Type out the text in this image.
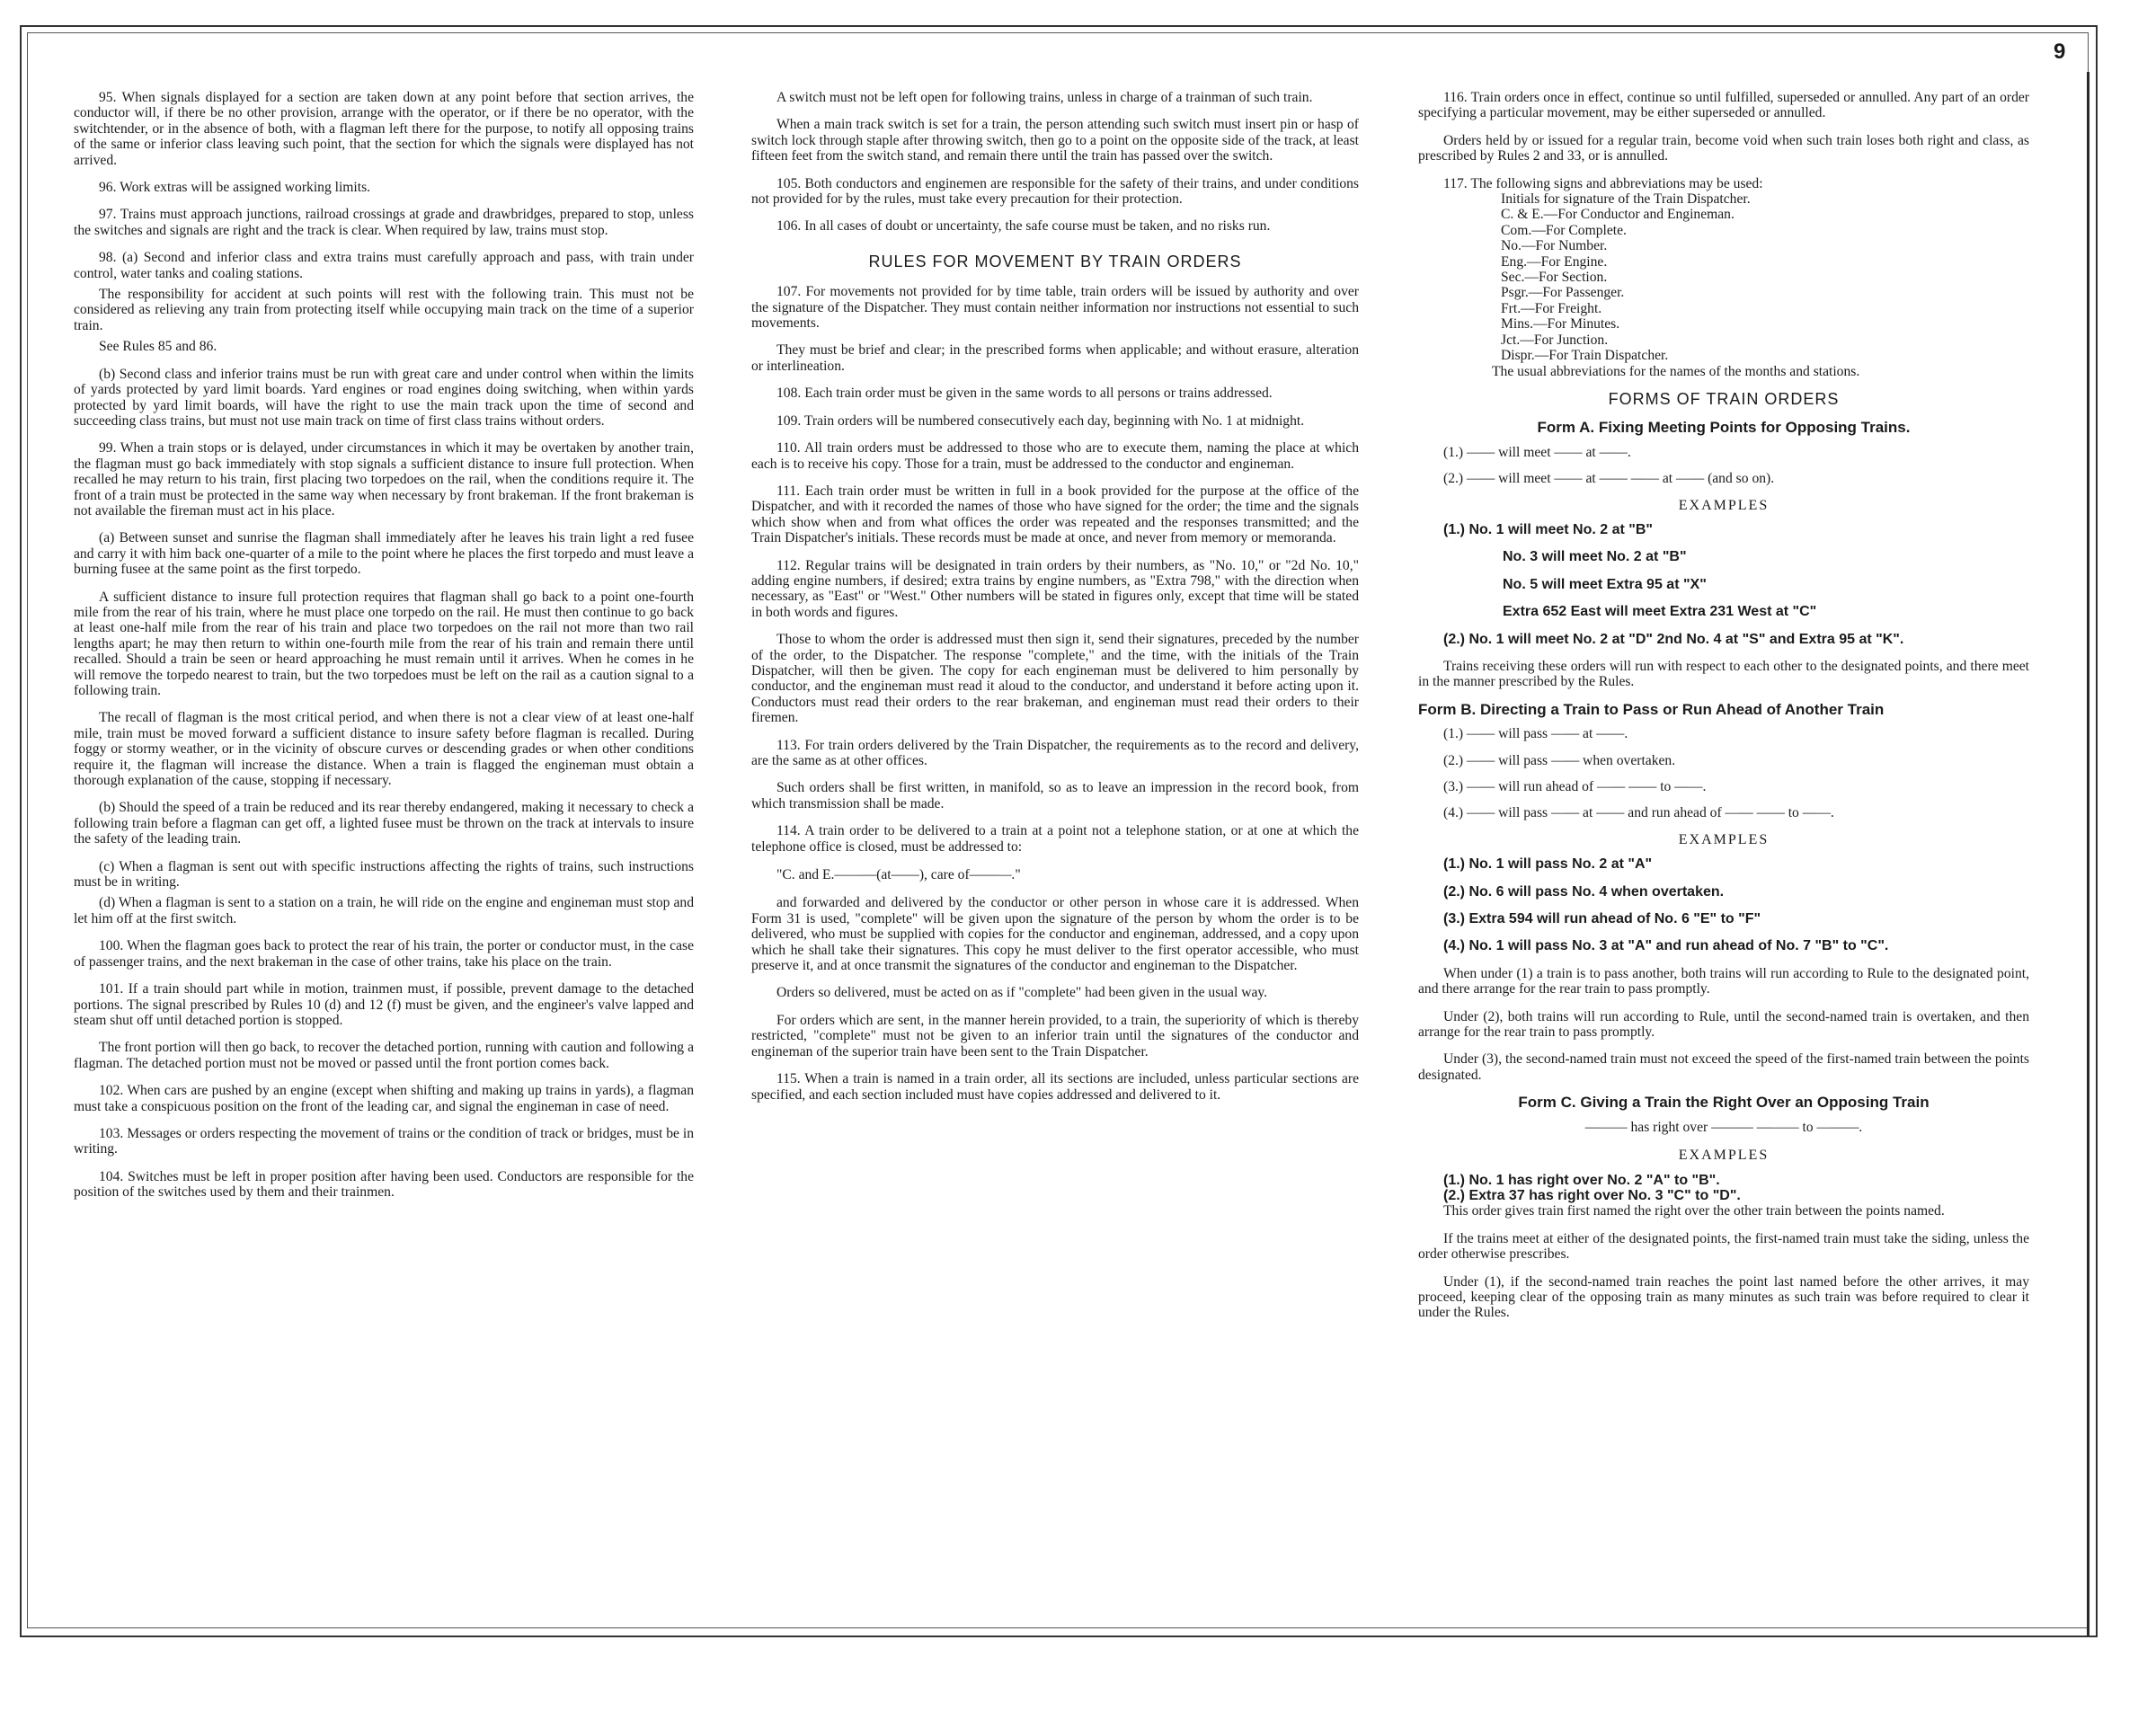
9

95. When signals displayed for a section are taken down at any point before that section arrives, the conductor will, if there be no other provision, arrange with the operator, or if there be no operator, with the switchtender, or in the absence of both, with a flagman left there for the purpose, to notify all opposing trains of the same or inferior class leaving such point, that the section for which the signals were displayed has not arrived.

96. Work extras will be assigned working limits.

97. Trains must approach junctions, railroad crossings at grade and drawbridges, prepared to stop, unless the switches and signals are right and the track is clear. When required by law, trains must stop.

98. (a) Second and inferior class and extra trains must carefully approach and pass, with train under control, water tanks and coaling stations.

The responsibility for accident at such points will rest with the following train. This must not be considered as relieving any train from protecting itself while occupying main track on the time of a superior train.

See Rules 85 and 86.

(b) Second class and inferior trains must be run with great care and under control when within the limits of yards protected by yard limit boards. Yard engines or road engines doing switching, when within yards protected by yard limit boards, will have the right to use the main track upon the time of second and succeeding class trains, but must not use main track on time of first class trains without orders.

99. When a train stops or is delayed, under circumstances in which it may be overtaken by another train, the flagman must go back immediately with stop signals a sufficient distance to insure full protection. When recalled he may return to his train, first placing two torpedoes on the rail, when the conditions require it. The front of a train must be protected in the same way when necessary by front brakeman. If the front brakeman is not available the fireman must act in his place.

(a) Between sunset and sunrise the flagman shall immediately after he leaves his train light a red fusee and carry it with him back one-quarter of a mile to the point where he places the first torpedo and must leave a burning fusee at the same point as the first torpedo.

A sufficient distance to insure full protection requires that flagman shall go back to a point one-fourth mile from the rear of his train, where he must place one torpedo on the rail. He must then continue to go back at least one-half mile from the rear of his train and place two torpedoes on the rail not more than two rail lengths apart; he may then return to within one-fourth mile from the rear of his train and remain there until recalled. Should a train be seen or heard approaching he must remain until it arrives. When he comes in he will remove the torpedo nearest to train, but the two torpedoes must be left on the rail as a caution signal to a following train.

The recall of flagman is the most critical period, and when there is not a clear view of at least one-half mile, train must be moved forward a sufficient distance to insure safety before flagman is recalled. During foggy or stormy weather, or in the vicinity of obscure curves or descending grades or when other conditions require it, the flagman will increase the distance. When a train is flagged the engineman must obtain a thorough explanation of the cause, stopping if necessary.

(b) Should the speed of a train be reduced and its rear thereby endangered, making it necessary to check a following train before a flagman can get off, a lighted fusee must be thrown on the track at intervals to insure the safety of the leading train.

(c) When a flagman is sent out with specific instructions affecting the rights of trains, such instructions must be in writing.

(d) When a flagman is sent to a station on a train, he will ride on the engine and engineman must stop and let him off at the first switch.

100. When the flagman goes back to protect the rear of his train, the porter or conductor must, in the case of passenger trains, and the next brakeman in the case of other trains, take his place on the train.

101. If a train should part while in motion, trainmen must, if possible, prevent damage to the detached portions. The signal prescribed by Rules 10 (d) and 12 (f) must be given, and the engineer's valve lapped and steam shut off until detached portion is stopped.

The front portion will then go back, to recover the detached portion, running with caution and following a flagman. The detached portion must not be moved or passed until the front portion comes back.

102. When cars are pushed by an engine (except when shifting and making up trains in yards), a flagman must take a conspicuous position on the front of the leading car, and signal the engineman in case of need.

103. Messages or orders respecting the movement of trains or the condition of track or bridges, must be in writing.

104. Switches must be left in proper position after having been used. Conductors are responsible for the position of the switches used by them and their trainmen.

A switch must not be left open for following trains, unless in charge of a trainman of such train.

When a main track switch is set for a train, the person attending such switch must insert pin or hasp of switch lock through staple after throwing switch, then go to a point on the opposite side of the track, at least fifteen feet from the switch stand, and remain there until the train has passed over the switch.

105. Both conductors and enginemen are responsible for the safety of their trains, and under conditions not provided for by the rules, must take every precaution for their protection.

106. In all cases of doubt or uncertainty, the safe course must be taken, and no risks run.

RULES FOR MOVEMENT BY TRAIN ORDERS

107. For movements not provided for by time table, train orders will be issued by authority and over the signature of the Dispatcher. They must contain neither information nor instructions not essential to such movements.

They must be brief and clear; in the prescribed forms when applicable; and without erasure, alteration or interlineation.

108. Each train order must be given in the same words to all persons or trains addressed.

109. Train orders will be numbered consecutively each day, beginning with No. 1 at midnight.

110. All train orders must be addressed to those who are to execute them, naming the place at which each is to receive his copy. Those for a train, must be addressed to the conductor and engineman.

111. Each train order must be written in full in a book provided for the purpose at the office of the Dispatcher, and with it recorded the names of those who have signed for the order; the time and the signals which show when and from what offices the order was repeated and the responses transmitted; and the Train Dispatcher's initials. These records must be made at once, and never from memory or memoranda.

112. Regular trains will be designated in train orders by their numbers, as "No. 10," or "2d No. 10," adding engine numbers, if desired; extra trains by engine numbers, as "Extra 798," with the direction when necessary, as "East" or "West." Other numbers will be stated in figures only, except that time will be stated in both words and figures.

Those to whom the order is addressed must then sign it, send their signatures, preceded by the number of the order, to the Dispatcher. The response "complete," and the time, with the initials of the Train Dispatcher, will then be given. The copy for each engineman must be delivered to him personally by conductor, and the engineman must read it aloud to the conductor, and understand it before acting upon it. Conductors must read their orders to the rear brakeman, and engineman must read their orders to their firemen.

113. For train orders delivered by the Train Dispatcher, the requirements as to the record and delivery, are the same as at other offices.

Such orders shall be first written, in manifold, so as to leave an impression in the record book, from which transmission shall be made.

114. A train order to be delivered to a train at a point not a telephone station, or at one at which the telephone office is closed, must be addressed to:

"C. and E.———(at——), care of———."

and forwarded and delivered by the conductor or other person in whose care it is addressed. When Form 31 is used, "complete" will be given upon the signature of the person by whom the order is to be delivered, who must be supplied with copies for the conductor and engineman, addressed, and a copy upon which he shall take their signatures. This copy he must deliver to the first operator accessible, who must preserve it, and at once transmit the signatures of the conductor and engineman to the Dispatcher.

Orders so delivered, must be acted on as if "complete" had been given in the usual way.

For orders which are sent, in the manner herein provided, to a train, the superiority of which is thereby restricted, "complete" must not be given to an inferior train until the signatures of the conductor and engineman of the superior train have been sent to the Train Dispatcher.

115. When a train is named in a train order, all its sections are included, unless particular sections are specified, and each section included must have copies addressed and delivered to it.

116. Train orders once in effect, continue so until fulfilled, superseded or annulled. Any part of an order specifying a particular movement, may be either superseded or annulled.

Orders held by or issued for a regular train, become void when such train loses both right and class, as prescribed by Rules 2 and 33, or is annulled.

117. The following signs and abbreviations may be used:

Initials for signature of the Train Dispatcher.
C. & E.—For Conductor and Engineman.
Com.—For Complete.
No.—For Number.
Eng.—For Engine.
Sec.—For Section.
Psgr.—For Passenger.
Frt.—For Freight.
Mins.—For Minutes.
Jct.—For Junction.
Dispr.—For Train Dispatcher.
The usual abbreviations for the names of the months and stations.
FORMS OF TRAIN ORDERS
Form A. Fixing Meeting Points for Opposing Trains.
(1.) —— will meet —— at ——.
(2.) —— will meet —— at —— —— at —— (and so on).
EXAMPLES
(1.) No. 1 will meet No. 2 at "B"
No. 3 will meet No. 2 at "B"
No. 5 will meet Extra 95 at "X"
Extra 652 East will meet Extra 231 West at "C"
(2.) No. 1 will meet No. 2 at "D" 2nd No. 4 at "S" and Extra 95 at "K".

Trains receiving these orders will run with respect to each other to the designated points, and there meet in the manner prescribed by the Rules.

Form B. Directing a Train to Pass or Run Ahead of Another Train
(1.) —— will pass —— at ——.
(2.) —— will pass —— when overtaken.
(3.) —— will run ahead of —— —— to ——.
(4.) —— will pass —— at —— and run ahead of —— —— to ——.
EXAMPLES
(1.) No. 1 will pass No. 2 at "A"
(2.) No. 6 will pass No. 4 when overtaken.
(3.) Extra 594 will run ahead of No. 6 "E" to "F"
(4.) No. 1 will pass No. 3 at "A" and run ahead of No. 7 "B" to "C".

When under (1) a train is to pass another, both trains will run according to Rule to the designated point, and there arrange for the rear train to pass promptly.

Under (2), both trains will run according to Rule, until the second-named train is overtaken, and then arrange for the rear train to pass promptly.

Under (3), the second-named train must not exceed the speed of the first-named train between the points designated.

Form C. Giving a Train the Right Over an Opposing Train
——— has right over ——— ——— to ———.
EXAMPLES
(1.) No. 1 has right over No. 2 "A" to "B".
(2.) Extra 37 has right over No. 3 "C" to "D".

This order gives train first named the right over the other train between the points named.

If the trains meet at either of the designated points, the first-named train must take the siding, unless the order otherwise prescribes.

Under (1), if the second-named train reaches the point last named before the other arrives, it may proceed, keeping clear of the opposing train as many minutes as such train was before required to clear it under the Rules.
